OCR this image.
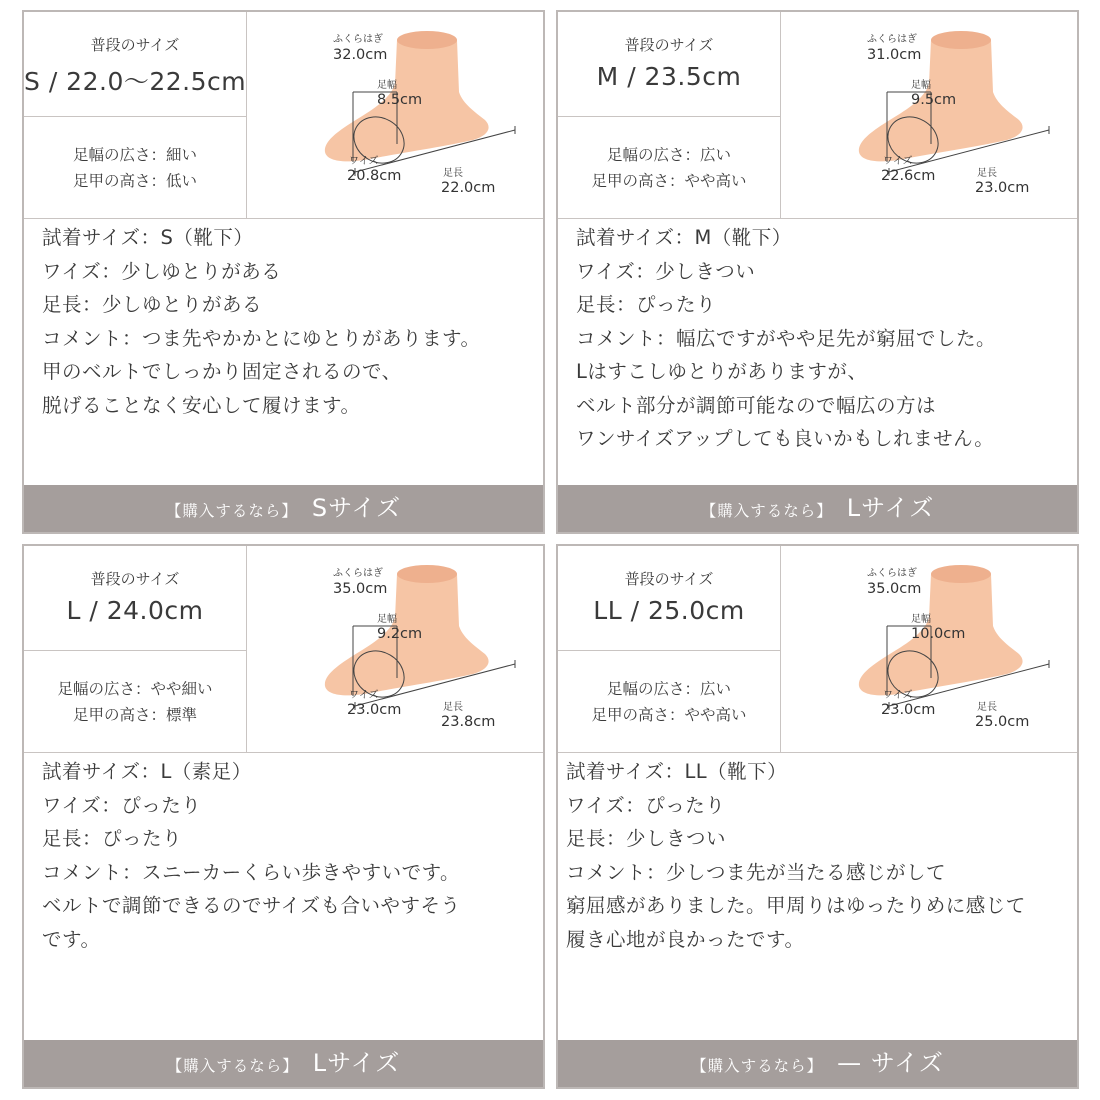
普段のサイズ
S / 22.0〜22.5cm
足幅の広さ：細い
足甲の高さ：低い
ふくらはぎ
32.0cm
足幅
8.5cm
ワイズ
20.8cm	足長
22.0cm
試着サイズ：S（靴下）
ワイズ：少しゆとりがある
足長：少しゆとりがある
コメント：つま先やかかとにゆとりがあります。
甲のベルトでしっかり固定されるので、
脱げることなく安心して履けます。
【購入するなら】 Sサイズ
普段のサイズ
M / 23.5cm
足幅の広さ：広い
足甲の高さ：やや高い
ふくらはぎ
31.0cm
足幅
9.5cm
ワイズ
22.6cm	足長
23.0cm
試着サイズ：M（靴下）
ワイズ：少しきつい
足長：ぴったり
コメント：幅広ですがやや足先が窮屈でした。
Lはすこしゆとりがありますが、
ベルト部分が調節可能なので幅広の方は
ワンサイズアップしても良いかもしれません。
【購入するなら】 Lサイズ
普段のサイズ
L / 24.0cm
足幅の広さ：やや細い
足甲の高さ：標準
ふくらはぎ
35.0cm
足幅
9.2cm
ワイズ
23.0cm	足長
23.8cm
試着サイズ：L（素足）
ワイズ：ぴったり
足長：ぴったり
コメント：スニーカーくらい歩きやすいです。
ベルトで調節できるのでサイズも合いやすそう
です。
【購入するなら】 Lサイズ
普段のサイズ
LL / 25.0cm
足幅の広さ：広い
足甲の高さ：やや高い
ふくらはぎ
35.0cm
足幅
10.0cm
ワイズ
23.0cm	足長
25.0cm
試着サイズ：LL（靴下）
ワイズ：ぴったり
足長：少しきつい
コメント：少しつま先が当たる感じがして
窮屈感がありました。甲周りはゆったりめに感じて
履き心地が良かったです。
【購入するなら】 — サイズ
